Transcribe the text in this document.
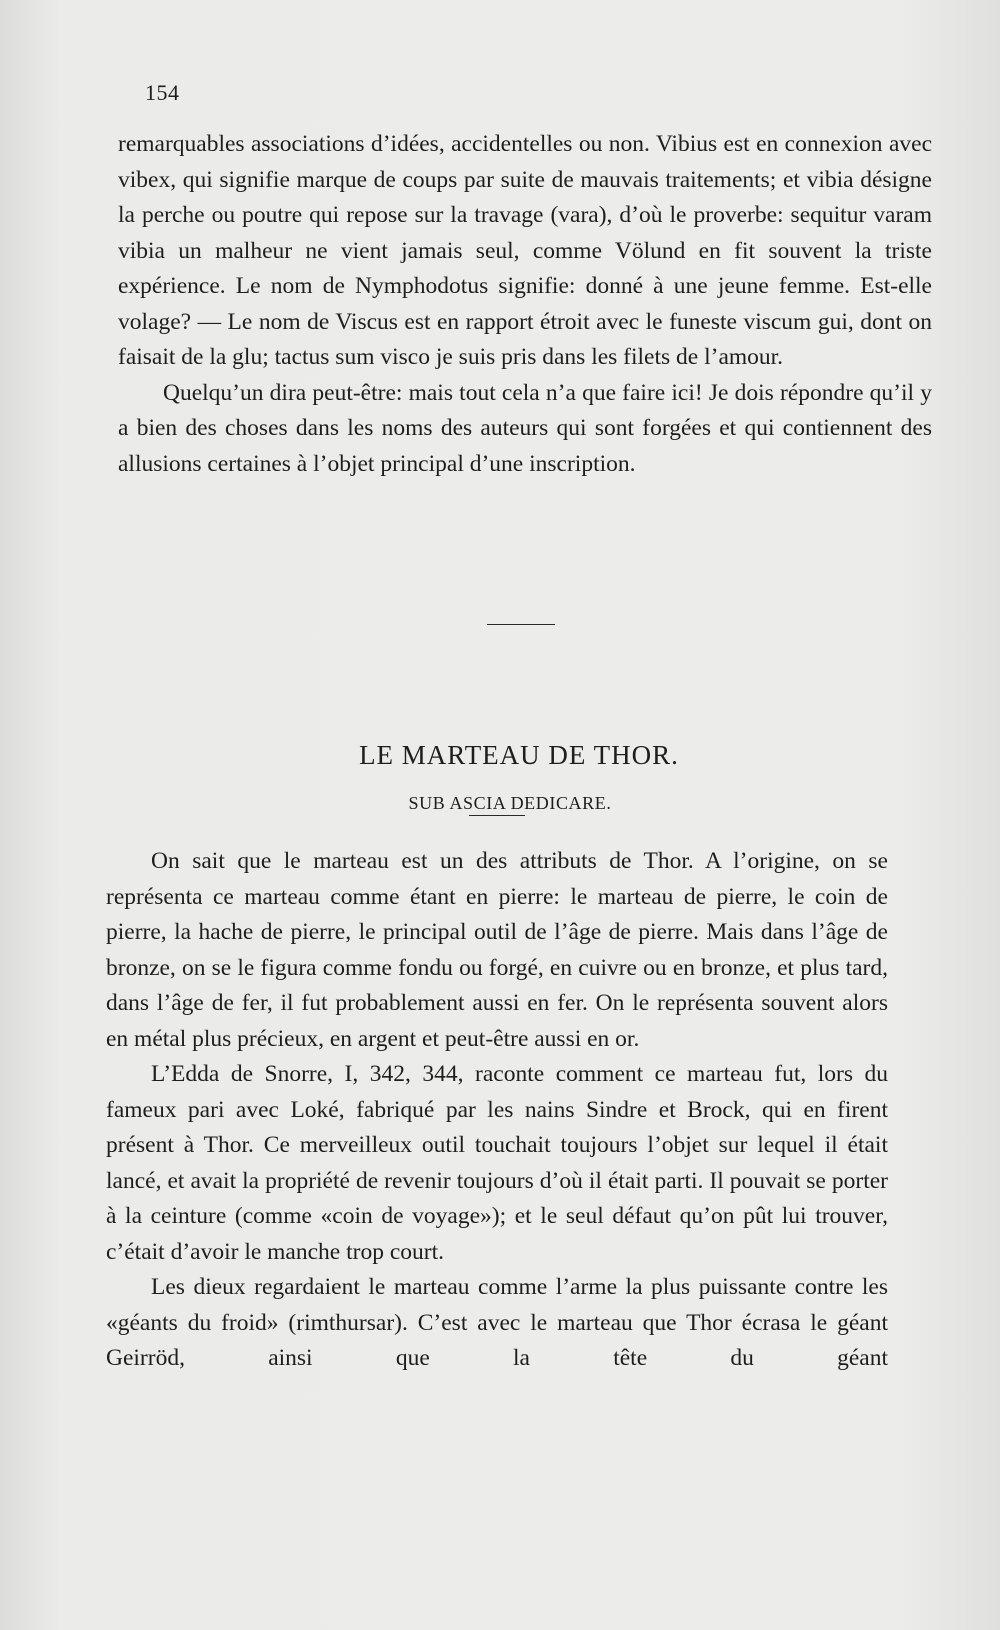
154

remarquables associations d’idées, accidentelles ou non. Vibius est en connexion avec vibex, qui signifie marque de coups par suite de mauvais traitements; et vibia désigne la perche ou poutre qui repose sur la travage (vara), d’où le proverbe: sequitur varam vibia un malheur ne vient jamais seul, comme Völund en fit souvent la triste expérience. Le nom de Nymphodotus signifie: donné à une jeune femme. Est-elle volage? — Le nom de Viscus est en rapport étroit avec le funeste viscum gui, dont on faisait de la glu; tactus sum visco je suis pris dans les filets de l’amour.

Quelqu’un dira peut-être: mais tout cela n’a que faire ici! Je dois répondre qu’il y a bien des choses dans les noms des auteurs qui sont forgées et qui contiennent des allusions certaines à l’objet principal d’une inscription.

LE MARTEAU DE THOR.
SUB ASCIA DEDICARE.

On sait que le marteau est un des attributs de Thor. A l’origine, on se représenta ce marteau comme étant en pierre: le marteau de pierre, le coin de pierre, la hache de pierre, le principal outil de l’âge de pierre. Mais dans l’âge de bronze, on se le figura comme fondu ou forgé, en cuivre ou en bronze, et plus tard, dans l’âge de fer, il fut probablement aussi en fer. On le représenta souvent alors en métal plus précieux, en argent et peut-être aussi en or.

L’Edda de Snorre, I, 342, 344, raconte comment ce marteau fut, lors du fameux pari avec Loké, fabriqué par les nains Sindre et Brock, qui en firent présent à Thor. Ce merveilleux outil touchait toujours l’objet sur lequel il était lancé, et avait la propriété de revenir toujours d’où il était parti. Il pouvait se porter à la ceinture (comme «coin de voyage»); et le seul défaut qu’on pût lui trouver, c’était d’avoir le manche trop court.

Les dieux regardaient le marteau comme l’arme la plus puissante contre les «géants du froid» (rimthursar). C’est avec le marteau que Thor écrasa le géant Geirröd, ainsi que la tête du géant
